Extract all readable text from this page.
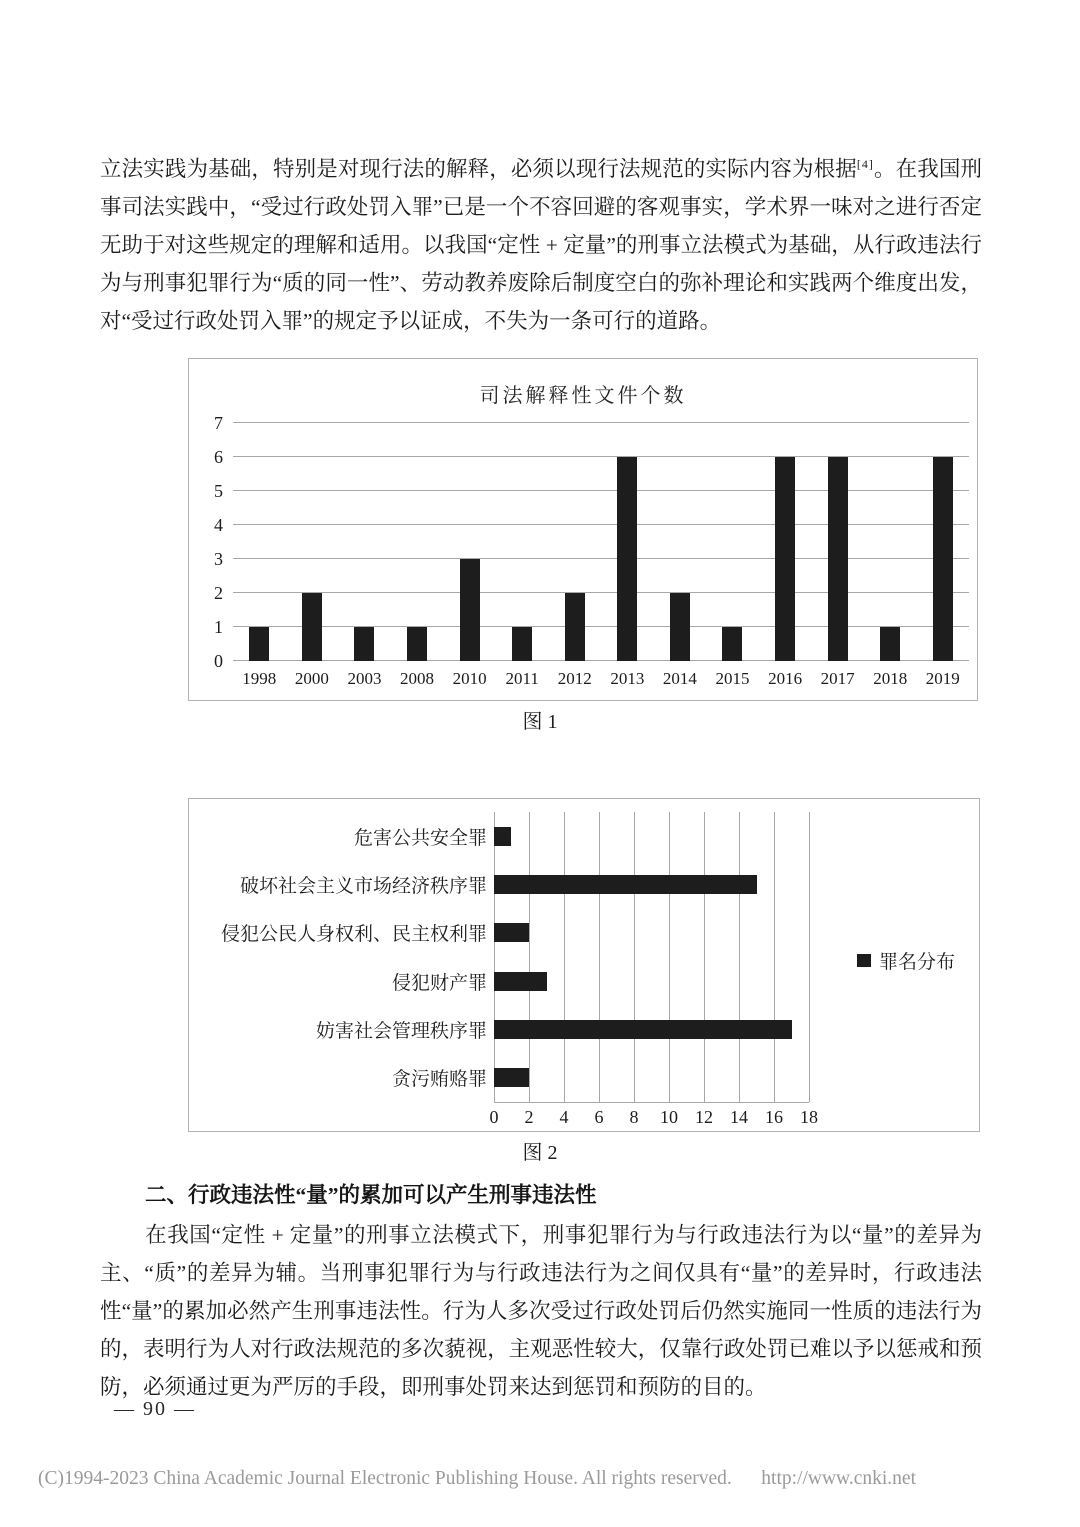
立法实践为基础，特别是对现行法的解释，必须以现行法规范的实际内容为根据[4]。在我国刑事司法实践中，“受过行政处罚入罪”已是一个不容回避的客观事实，学术界一味对之进行否定无助于对这些规定的理解和适用。以我国“定性 + 定量”的刑事立法模式为基础，从行政违法行为与刑事犯罪行为“质的同一性”、劳动教养废除后制度空白的弥补理论和实践两个维度出发，对“受过行政处罚入罪”的规定予以证成，不失为一条可行的道路。

司法解释性文件个数
0
1
2
3
4
5
6
7
1998	2000	2003	2008	2010	2011	2012	2013	2014	2015	2016	2017	2018	2019
图 1
危害公共安全罪
破坏社会主义市场经济秩序罪
侵犯公民人身权利、民主权利罪
侵犯财产罪
妨害社会管理秩序罪
贪污贿赂罪
0 2 4 6 8 10 12 14 16 18
罪名分布
图 2
二、行政违法性“量”的累加可以产生刑事违法性

在我国“定性 + 定量”的刑事立法模式下，刑事犯罪行为与行政违法行为以“量”的差异为主、“质”的差异为辅。当刑事犯罪行为与行政违法行为之间仅具有“量”的差异时，行政违法性“量”的累加必然产生刑事违法性。行为人多次受过行政处罚后仍然实施同一性质的违法行为的，表明行为人对行政法规范的多次藐视，主观恶性较大，仅靠行政处罚已难以予以惩戒和预防，必须通过更为严厉的手段，即刑事处罚来达到惩罚和预防的目的。

— 90 —
(C)1994-2023 China Academic Journal Electronic Publishing House. All rights reserved. http://www.cnki.net
